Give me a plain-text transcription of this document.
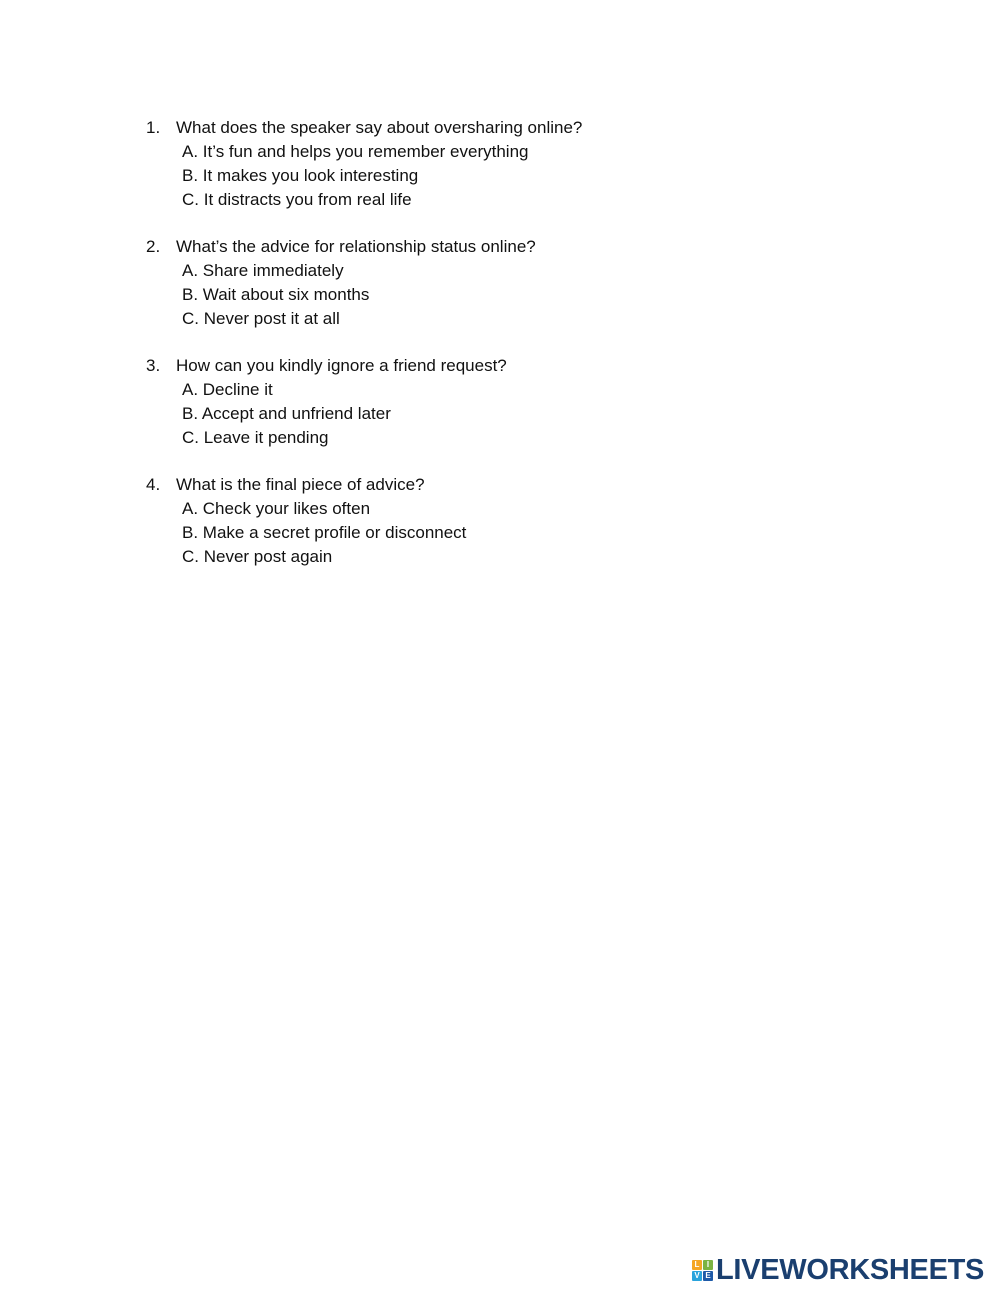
1. What does the speaker say about oversharing online?
A. It’s fun and helps you remember everything
B. It makes you look interesting
C. It distracts you from real life
2. What’s the advice for relationship status online?
A. Share immediately
B. Wait about six months
C. Never post it at all
3. How can you kindly ignore a friend request?
A. Decline it
B. Accept and unfriend later
C. Leave it pending
4. What is the final piece of advice?
A. Check your likes often
B. Make a secret profile or disconnect
C. Never post again
L I
V E LIVEWORKSHEETS
